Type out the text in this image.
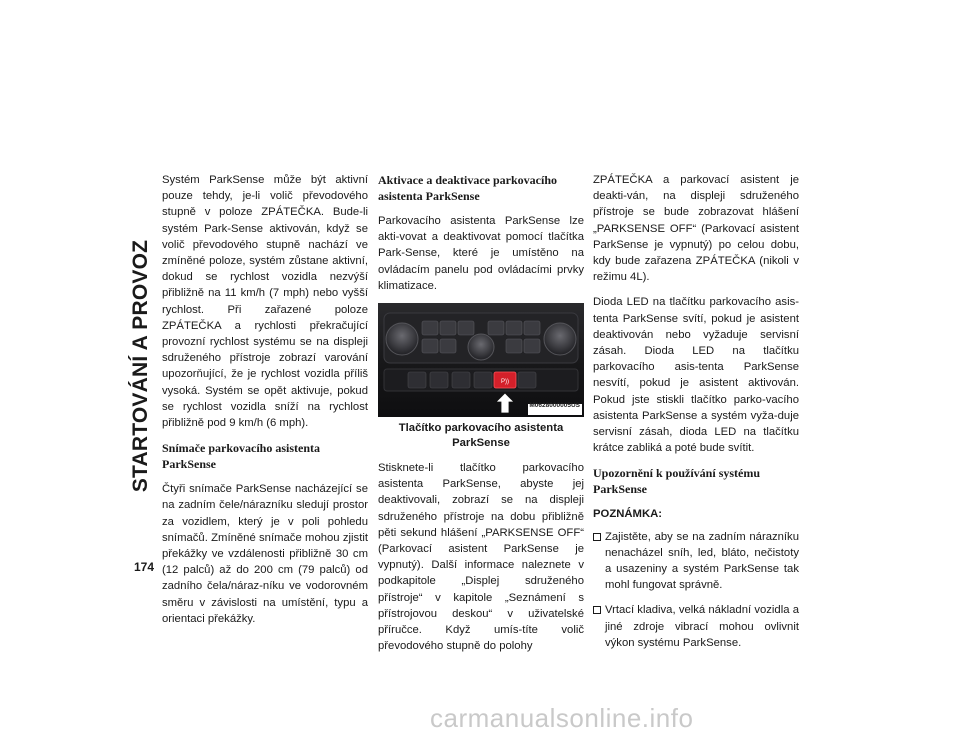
STARTOVÁNÍ A PROVOZ
174

Systém ParkSense může být aktivní pouze tehdy, je-li volič převodového stupně v poloze ZPÁTEČKA. Bude-li systém Park-Sense aktivován, když se volič převodového stupně nachází ve zmíněné poloze, systém zůstane aktivní, dokud se rychlost vozidla nezvýší přibližně na 11 km/h (7 mph) nebo vyšší rychlost. Při zařazené poloze ZPÁTEČKA a rychlosti překračující provozní rychlost systému se na displeji sdruženého přístroje zobrazí varování upozorňující, že je rychlost vozidla příliš vysoká. Systém se opět aktivuje, pokud se rychlost vozidla sníží na rychlost přibližně pod 9 km/h (6 mph).

Snímače parkovacího asistenta ParkSense

Čtyři snímače ParkSense nacházející se na zadním čele/nárazníku sledují prostor za vozidlem, který je v poli pohledu snímačů. Zmíněné snímače mohou zjistit překážky ve vzdálenosti přibližně 30 cm (12 palců) až do 200 cm (79 palců) od zadního čela/náraz-níku ve vodorovném směru v závislosti na umístění, typu a orientaci překážky.

Aktivace a deaktivace parkovacího asistenta ParkSense

Parkovacího asistenta ParkSense lze akti-vovat a deaktivovat pomocí tlačítka Park-Sense, které je umístěno na ovládacím panelu pod ovládacími prvky klimatizace.

P))
M0628000005US
Tlačítko parkovacího asistenta ParkSense

Stisknete-li tlačítko parkovacího asistenta ParkSense, abyste jej deaktivovali, zobrazí se na displeji sdruženého přístroje na dobu přibližně pěti sekund hlášení „PARKSENSE OFF“ (Parkovací asistent ParkSense je vypnutý). Další informace naleznete v podkapitole „Displej sdruženého přístroje“ v kapitole „Seznámení s přístrojovou deskou“ v uživatelské příručce. Když umís-títe volič převodového stupně do polohy

ZPÁTEČKA a parkovací asistent je deakti-ván, na displeji sdruženého přístroje se bude zobrazovat hlášení „PARKSENSE OFF“ (Parkovací asistent ParkSense je vypnutý) po celou dobu, kdy bude zařazena ZPÁTEČKA (nikoli v režimu 4L).

Dioda LED na tlačítku parkovacího asis-tenta ParkSense svítí, pokud je asistent deaktivován nebo vyžaduje servisní zásah. Dioda LED na tlačítku parkovacího asis-tenta ParkSense nesvítí, pokud je asistent aktivován. Pokud jste stiskli tlačítko parko-vacího asistenta ParkSense a systém vyža-duje servisní zásah, dioda LED na tlačítku krátce zabliká a poté bude svítit.

Upozornění k používání systému ParkSense
POZNÁMKA:
Zajistěte, aby se na zadním nárazníku nenacházel sníh, led, bláto, nečistoty a usazeniny a systém ParkSense tak mohl fungovat správně.
Vrtací kladiva, velká nákladní vozidla a jiné zdroje vibrací mohou ovlivnit výkon systému ParkSense.
carmanualsonline.info
